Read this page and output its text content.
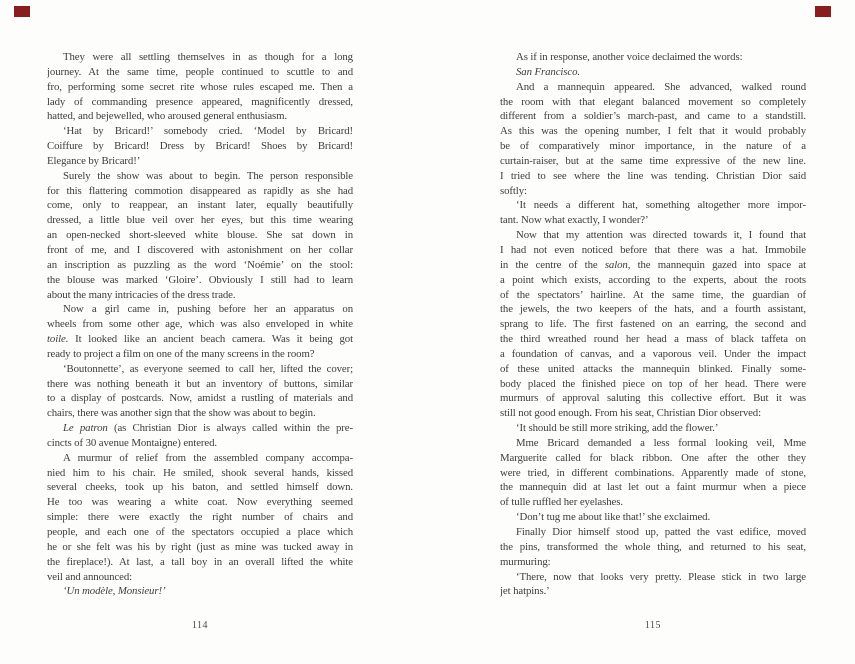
They were all settling themselves in as though for a long
journey. At the same time, people continued to scuttle to and
fro, performing some secret rite whose rules escaped me. Then a
lady of commanding presence appeared, magnificently dressed,
hatted, and bejewelled, who aroused general enthusiasm.
‘Hat by Bricard!’ somebody cried. ‘Model by Bricard!
Coiffure by Bricard! Dress by Bricard! Shoes by Bricard!
Elegance by Bricard!’
Surely the show was about to begin. The person responsible
for this flattering commotion disappeared as rapidly as she had
come, only to reappear, an instant later, equally beautifully
dressed, a little blue veil over her eyes, but this time wearing
an open-necked short-sleeved white blouse. She sat down in
front of me, and I discovered with astonishment on her collar
an inscription as puzzling as the word ‘Noémie’ on the stool:
the blouse was marked ‘Gloire’. Obviously I still had to learn
about the many intricacies of the dress trade.
Now a girl came in, pushing before her an apparatus on
wheels from some other age, which was also enveloped in white
toile. It looked like an ancient beach camera. Was it being got
ready to project a film on one of the many screens in the room?
‘Boutonnette’, as everyone seemed to call her, lifted the cover;
there was nothing beneath it but an inventory of buttons, similar
to a display of postcards. Now, amidst a rustling of materials and
chairs, there was another sign that the show was about to begin.
Le patron (as Christian Dior is always called within the pre-
cincts of 30 avenue Montaigne) entered.
A murmur of relief from the assembled company accompa-
nied him to his chair. He smiled, shook several hands, kissed
several cheeks, took up his baton, and settled himself down.
He too was wearing a white coat. Now everything seemed
simple: there were exactly the right number of chairs and
people, and each one of the spectators occupied a place which
he or she felt was his by right (just as mine was tucked away in
the fireplace!). At last, a tall boy in an overall lifted the white
veil and announced:
‘Un modèle, Monsieur!’
114
As if in response, another voice declaimed the words:
San Francisco.
And a mannequin appeared. She advanced, walked round
the room with that elegant balanced movement so completely
different from a soldier’s march-past, and came to a standstill.
As this was the opening number, I felt that it would probably
be of comparatively minor importance, in the nature of a
curtain-raiser, but at the same time expressive of the new line.
I tried to see where the line was tending. Christian Dior said
softly:
‘It needs a different hat, something altogether more impor-
tant. Now what exactly, I wonder?’
Now that my attention was directed towards it, I found that
I had not even noticed before that there was a hat. Immobile
in the centre of the salon, the mannequin gazed into space at
a point which exists, according to the experts, about the roots
of the spectators’ hairline. At the same time, the guardian of
the jewels, the two keepers of the hats, and a fourth assistant,
sprang to life. The first fastened on an earring, the second and
the third wreathed round her head a mass of black taffeta on
a foundation of canvas, and a vaporous veil. Under the impact
of these united attacks the mannequin blinked. Finally some-
body placed the finished piece on top of her head. There were
murmurs of approval saluting this collective effort. But it was
still not good enough. From his seat, Christian Dior observed:
‘It should be still more striking, add the flower.’
Mme Bricard demanded a less formal looking veil, Mme
Marguerite called for black ribbon. One after the other they
were tried, in different combinations. Apparently made of stone,
the mannequin did at last let out a faint murmur when a piece
of tulle ruffled her eyelashes.
‘Don’t tug me about like that!’ she exclaimed.
Finally Dior himself stood up, patted the vast edifice, moved
the pins, transformed the whole thing, and returned to his seat,
murmuring:
‘There, now that looks very pretty. Please stick in two large
jet hatpins.’
115
